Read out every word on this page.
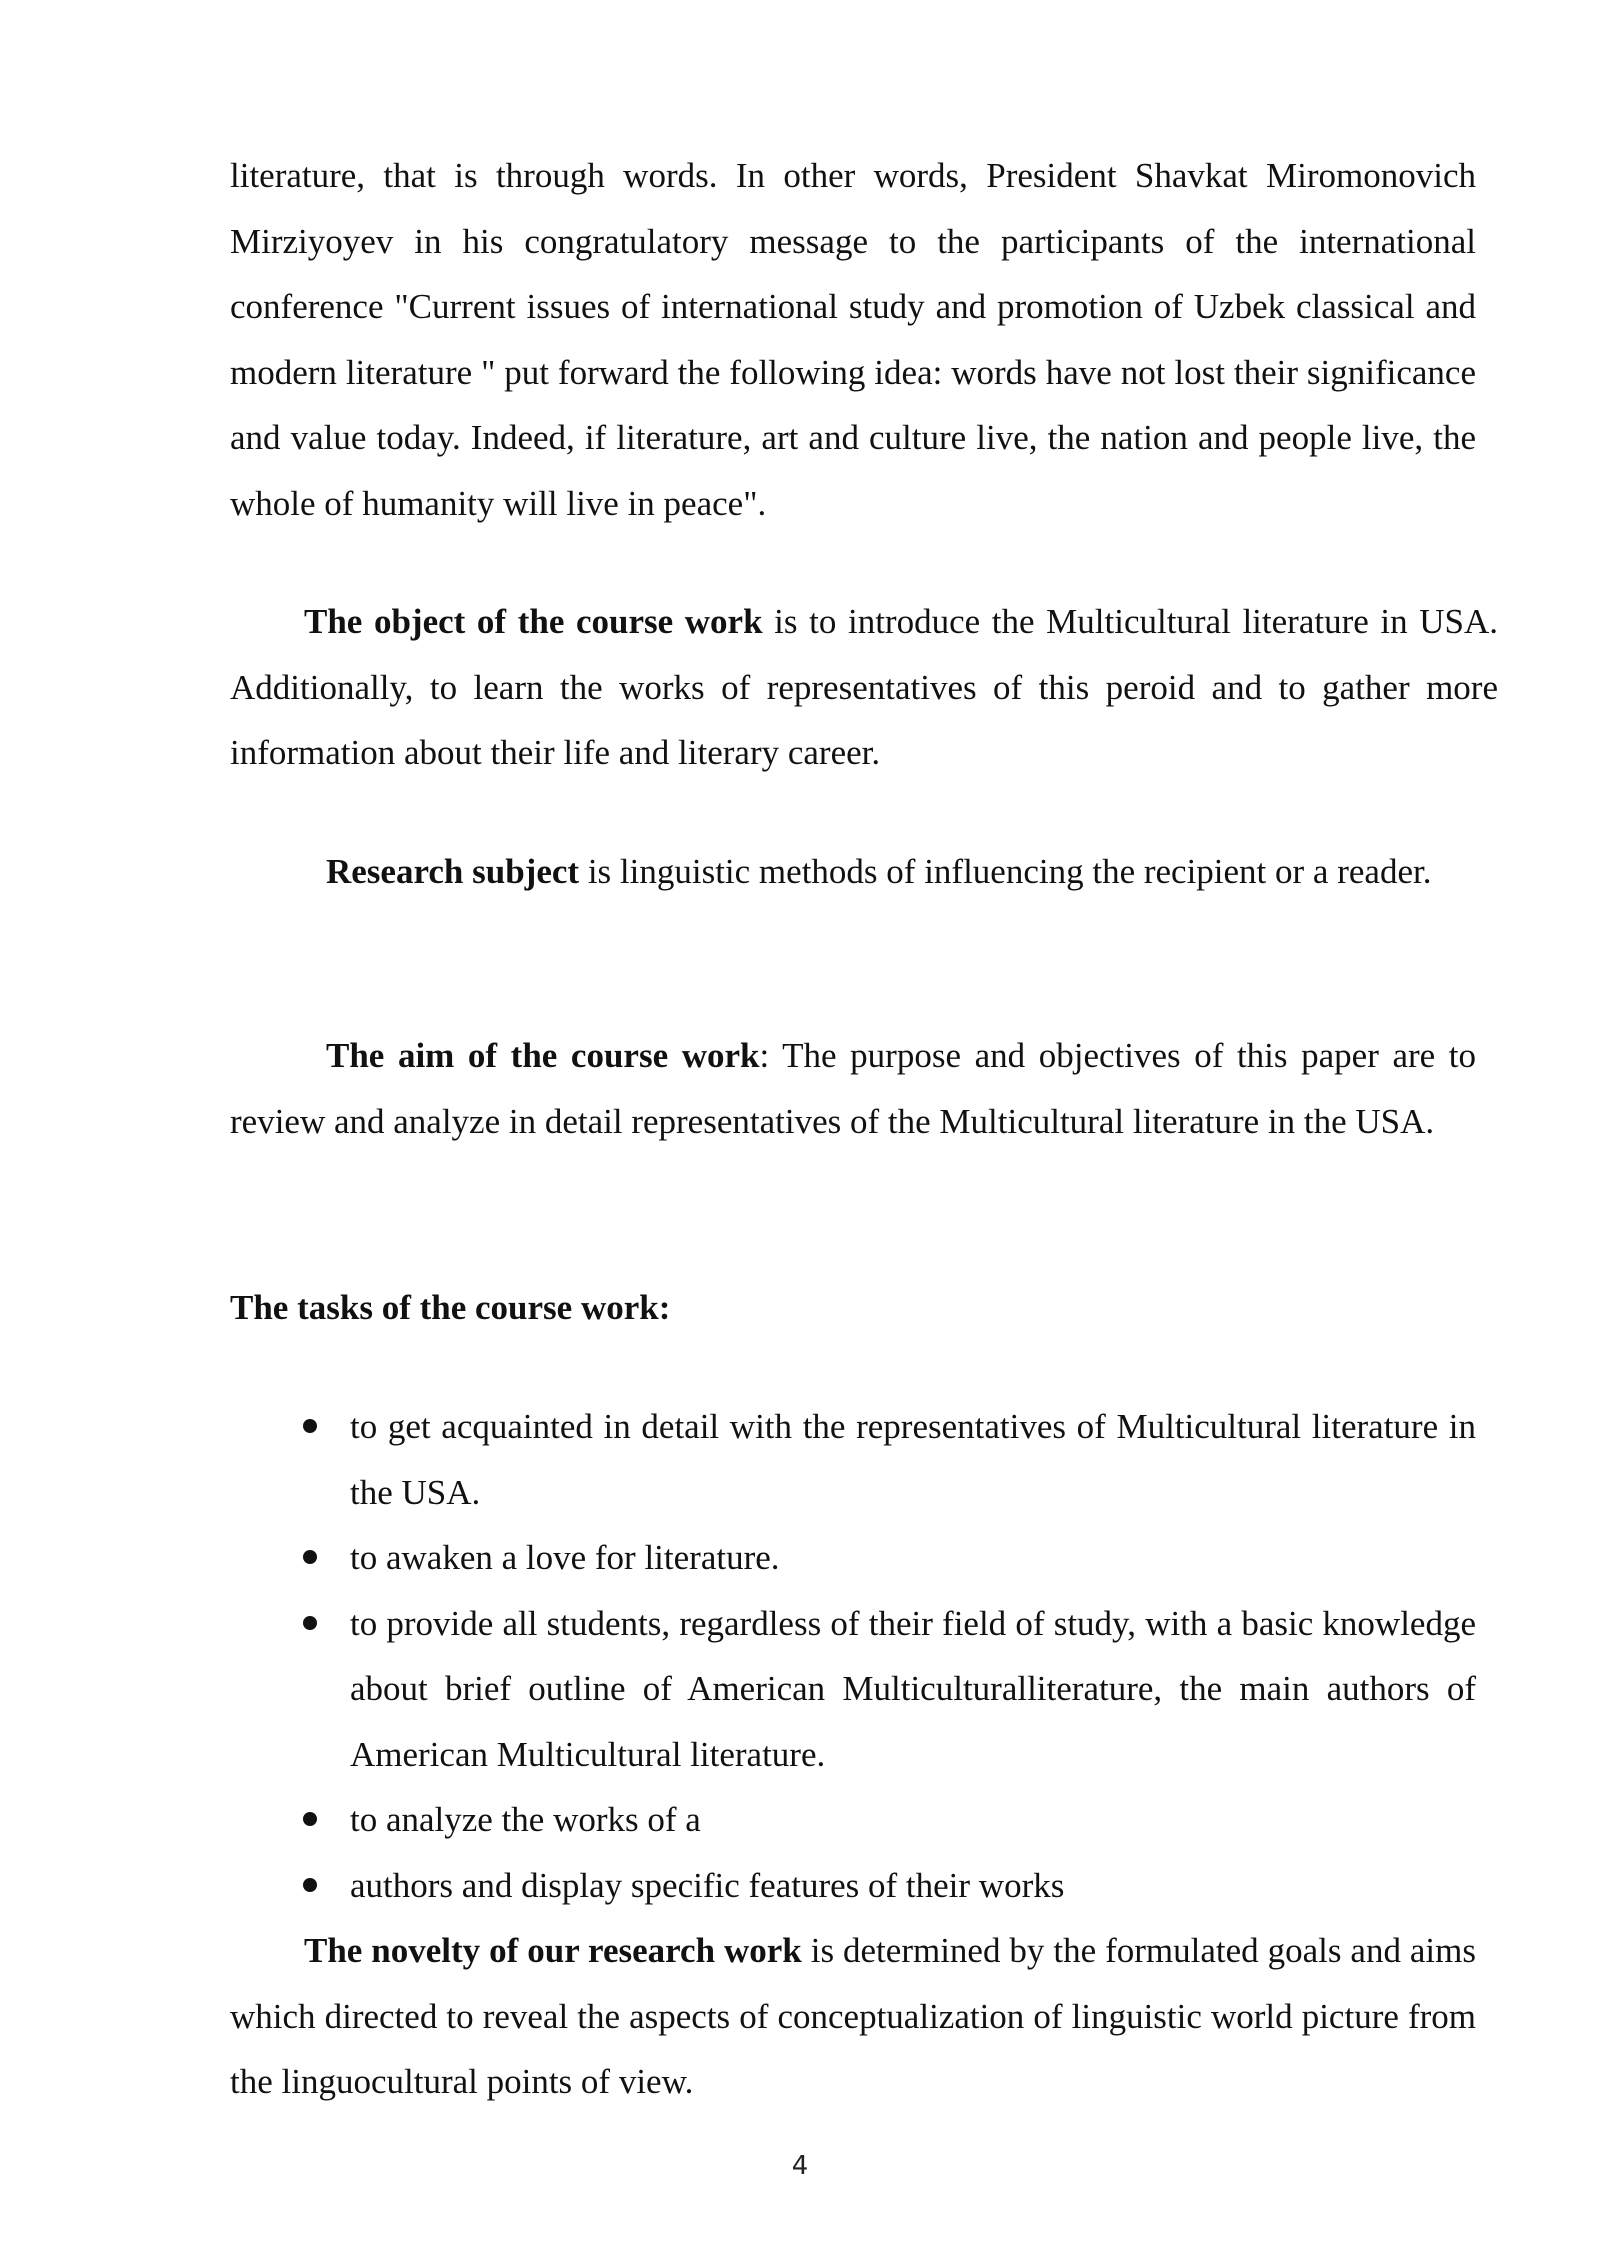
literature, that is through words. In other words, President Shavkat Miromonovich Mirziyoyev in his congratulatory message to the participants of the international conference "Current issues of international study and promotion of Uzbek classical and modern literature " put forward the following idea: words have not lost their significance and value today. Indeed, if literature, art and culture live, the nation and people live, the whole of humanity will live in peace".

The object of the course work is to introduce the Multicultural literature in USA. Additionally, to learn the works of representatives of this peroid and to gather more information about their life and literary career.

Research subject is linguistic methods of influencing the recipient or a reader.

The aim of the course work: The purpose and objectives of this paper are to review and analyze in detail representatives of the Multicultural literature in the USA.

The tasks of the course work:

to get acquainted in detail with the representatives of Multicultural literature in the USA.
to awaken a love for literature.
to provide all students, regardless of their field of study, with a basic knowledge about brief outline of American Multiculturalliterature, the main authors of American Multicultural literature.
to analyze the works of a
authors and display specific features of their works

The novelty of our research work is determined by the formulated goals and aims which directed to reveal the aspects of conceptualization of linguistic world picture from the linguocultural points of view.

4
